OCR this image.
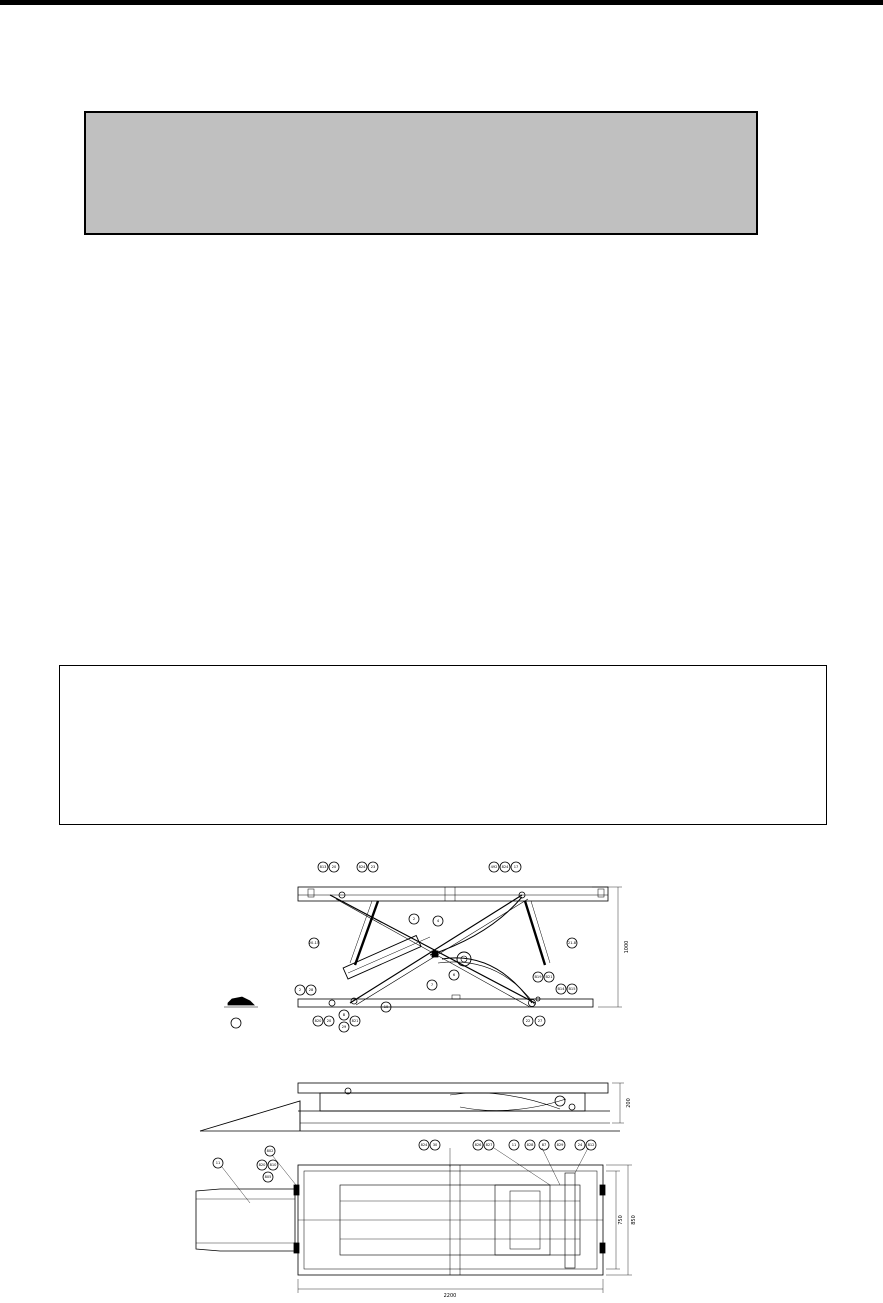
1000
813 20	824 23	492 824 17
20-15
2	4
21-8
6
7
B19 B21
2 28
B
20
820
10
29
821
B14 B15
22 27
200
2200
750 850
11
802
820 810
805
824 30	826 827	11	828 87	829	24 812
